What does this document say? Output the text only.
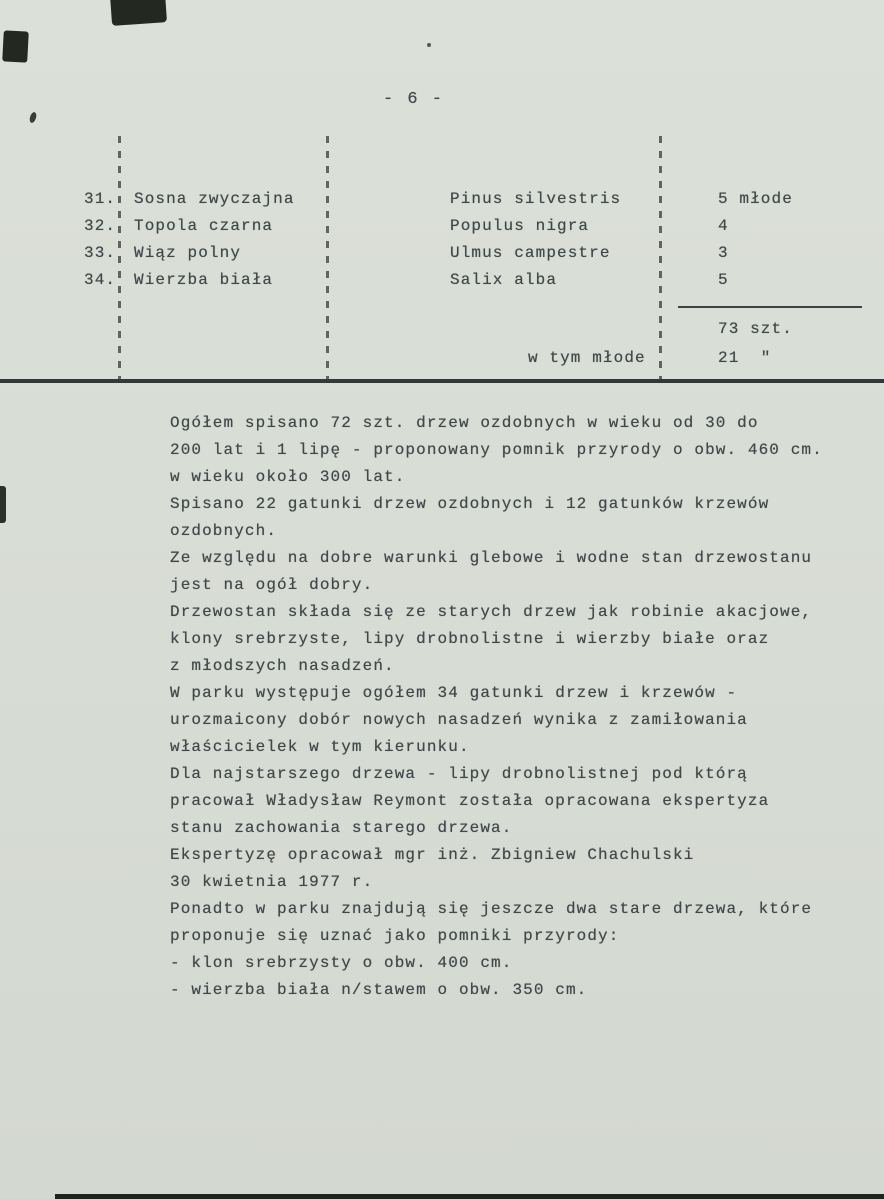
- 6 -
31. Sosna zwyczajna	Pinus silvestris	5 młode
32. Topola czarna	Populus nigra	4
33. Wiąz polny	Ulmus campestre	3
34. Wierzba biała	Salix alba	5
73 szt.
w tym młode	21  "
Ogółem spisano 72 szt. drzew ozdobnych w wieku od 30 do
200 lat i 1 lipę - proponowany pomnik przyrody o obw. 460 cm.
w wieku około 300 lat.
Spisano 22 gatunki drzew ozdobnych i 12 gatunków krzewów
ozdobnych.
Ze względu na dobre warunki glebowe i wodne stan drzewostanu
jest na ogół dobry.
Drzewostan składa się ze starych drzew jak robinie akacjowe,
klony srebrzyste, lipy drobnolistne i wierzby białe oraz
z młodszych nasadzeń.
W parku występuje ogółem 34 gatunki drzew i krzewów -
urozmaicony dobór nowych nasadzeń wynika z zamiłowania
właścicielek w tym kierunku.
Dla najstarszego drzewa - lipy drobnolistnej pod którą
pracował Władysław Reymont została opracowana ekspertyza
stanu zachowania starego drzewa.
Ekspertyzę opracował mgr inż. Zbigniew Chachulski
30 kwietnia 1977 r.
Ponadto w parku znajdują się jeszcze dwa stare drzewa, które
proponuje się uznać jako pomniki przyrody:
- klon srebrzysty o obw. 400 cm.
- wierzba biała n/stawem o obw. 350 cm.
